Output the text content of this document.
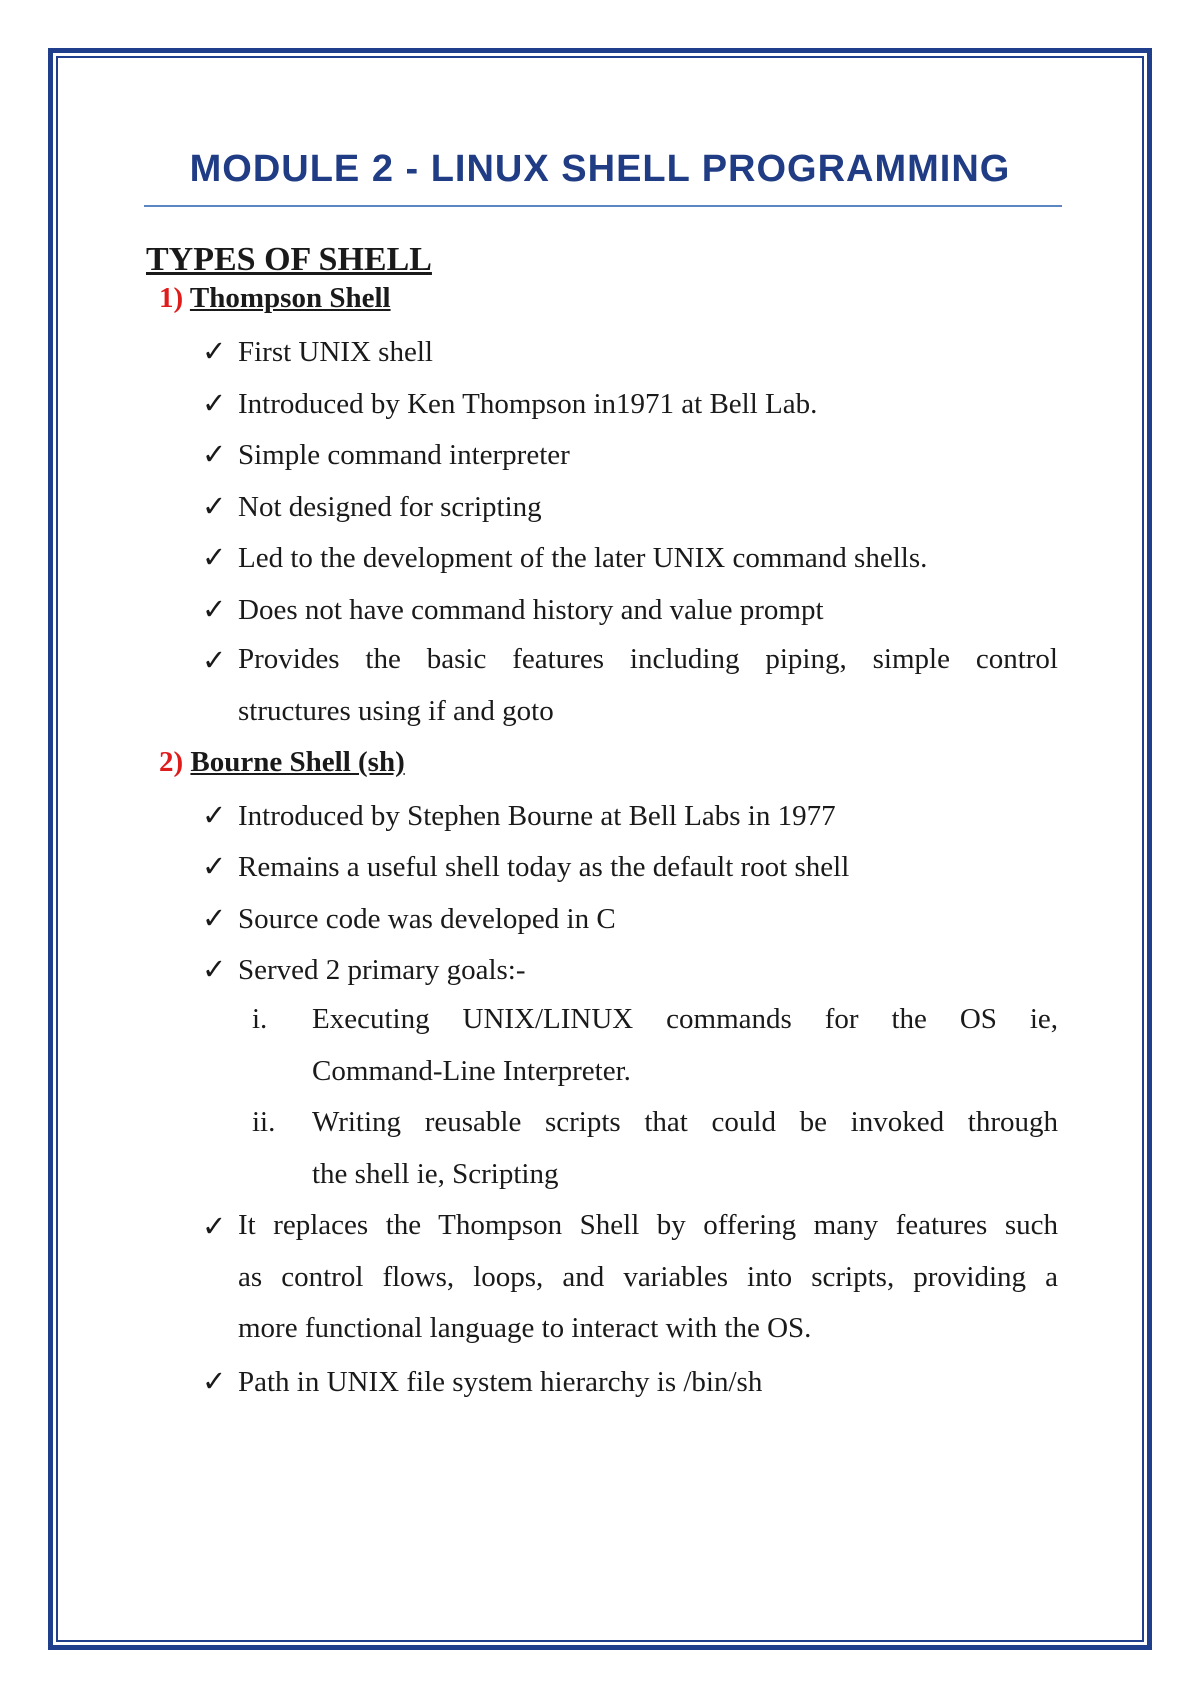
MODULE 2 - LINUX SHELL PROGRAMMING
TYPES OF SHELL
1) Thompson Shell
✓ First UNIX shell
✓ Introduced by Ken Thompson in1971 at Bell Lab.
✓ Simple command interpreter
✓ Not designed for scripting
✓ Led to the development of the later UNIX command shells.
✓ Does not have command history and value prompt
✓ Provides the basic features including piping, simple control
structures using if and goto
2) Bourne Shell (sh)
✓ Introduced by Stephen Bourne at Bell Labs in 1977
✓ Remains a useful shell today as the default root shell
✓ Source code was developed in C
✓ Served 2 primary goals:-
i. Executing UNIX/LINUX commands for the OS ie,
Command-Line Interpreter.
ii. Writing reusable scripts that could be invoked through
the shell ie, Scripting
✓ It replaces the Thompson Shell by offering many features such
as control flows, loops, and variables into scripts, providing a
more functional language to interact with the OS.
✓ Path in UNIX file system hierarchy is /bin/sh
